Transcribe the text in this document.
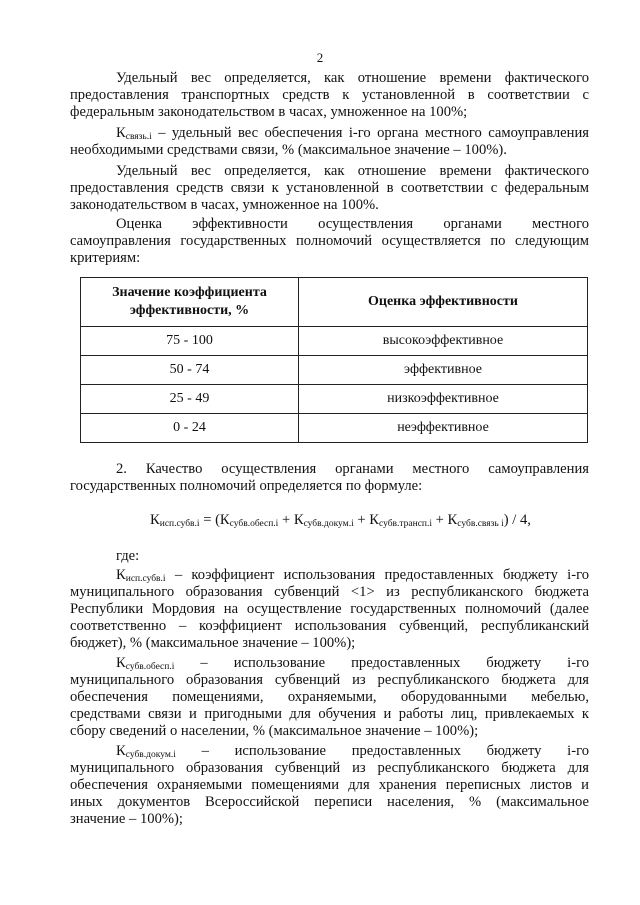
2

Удельный вес определяется, как отношение времени фактического

предоставления транспортных средств к установленной в соответствии с

федеральным законодательством в часах, умноженное на 100%;

$К_{связь.i}$ – удельный вес обеспечения i-го органа местного самоуправления

необходимыми средствами связи, % (максимальное значение – 100%).

Удельный вес определяется, как отношение времени фактического

предоставления средств связи к установленной в соответствии с федеральным

законодательством в часах, умноженное на 100%.

Оценка эффективности осуществления органами местного

самоуправления государственных полномочий осуществляется по следующим

критериям:

Значение коэффициента эффективности, %	Оценка эффективности
75 - 100	высокоэффективное
50 - 74	эффективное
25 - 49	низкоэффективное
0 - 24	неэффективное

2. Качество осуществления органами местного самоуправления

государственных полномочий определяется по формуле:

$К_{исп.субв.i} = (К_{субв.обесп.i} + К_{субв.докум.i} + К_{субв.трансп.i} + К_{субв.связь i}) / 4$,

где:

$К_{исп.субв.i}$ – коэффициент использования предоставленных бюджету i-го

муниципального образования субвенций <1> из республиканского бюджета

Республики Мордовия на осуществление государственных полномочий (далее

соответственно – коэффициент использования субвенций, республиканский

бюджет), % (максимальное значение – 100%);

$К_{субв.обесп.i}$ – использование предоставленных бюджету i-го

муниципального образования субвенций из республиканского бюджета для

обеспечения помещениями, охраняемыми, оборудованными мебелью,

средствами связи и пригодными для обучения и работы лиц, привлекаемых к

сбору сведений о населении, % (максимальное значение – 100%);

$К_{субв.докум.i}$ – использование предоставленных бюджету i-го

муниципального образования субвенций из республиканского бюджета для

обеспечения охраняемыми помещениями для хранения переписных листов и

иных документов Всероссийской переписи населения, % (максимальное

значение – 100%);
